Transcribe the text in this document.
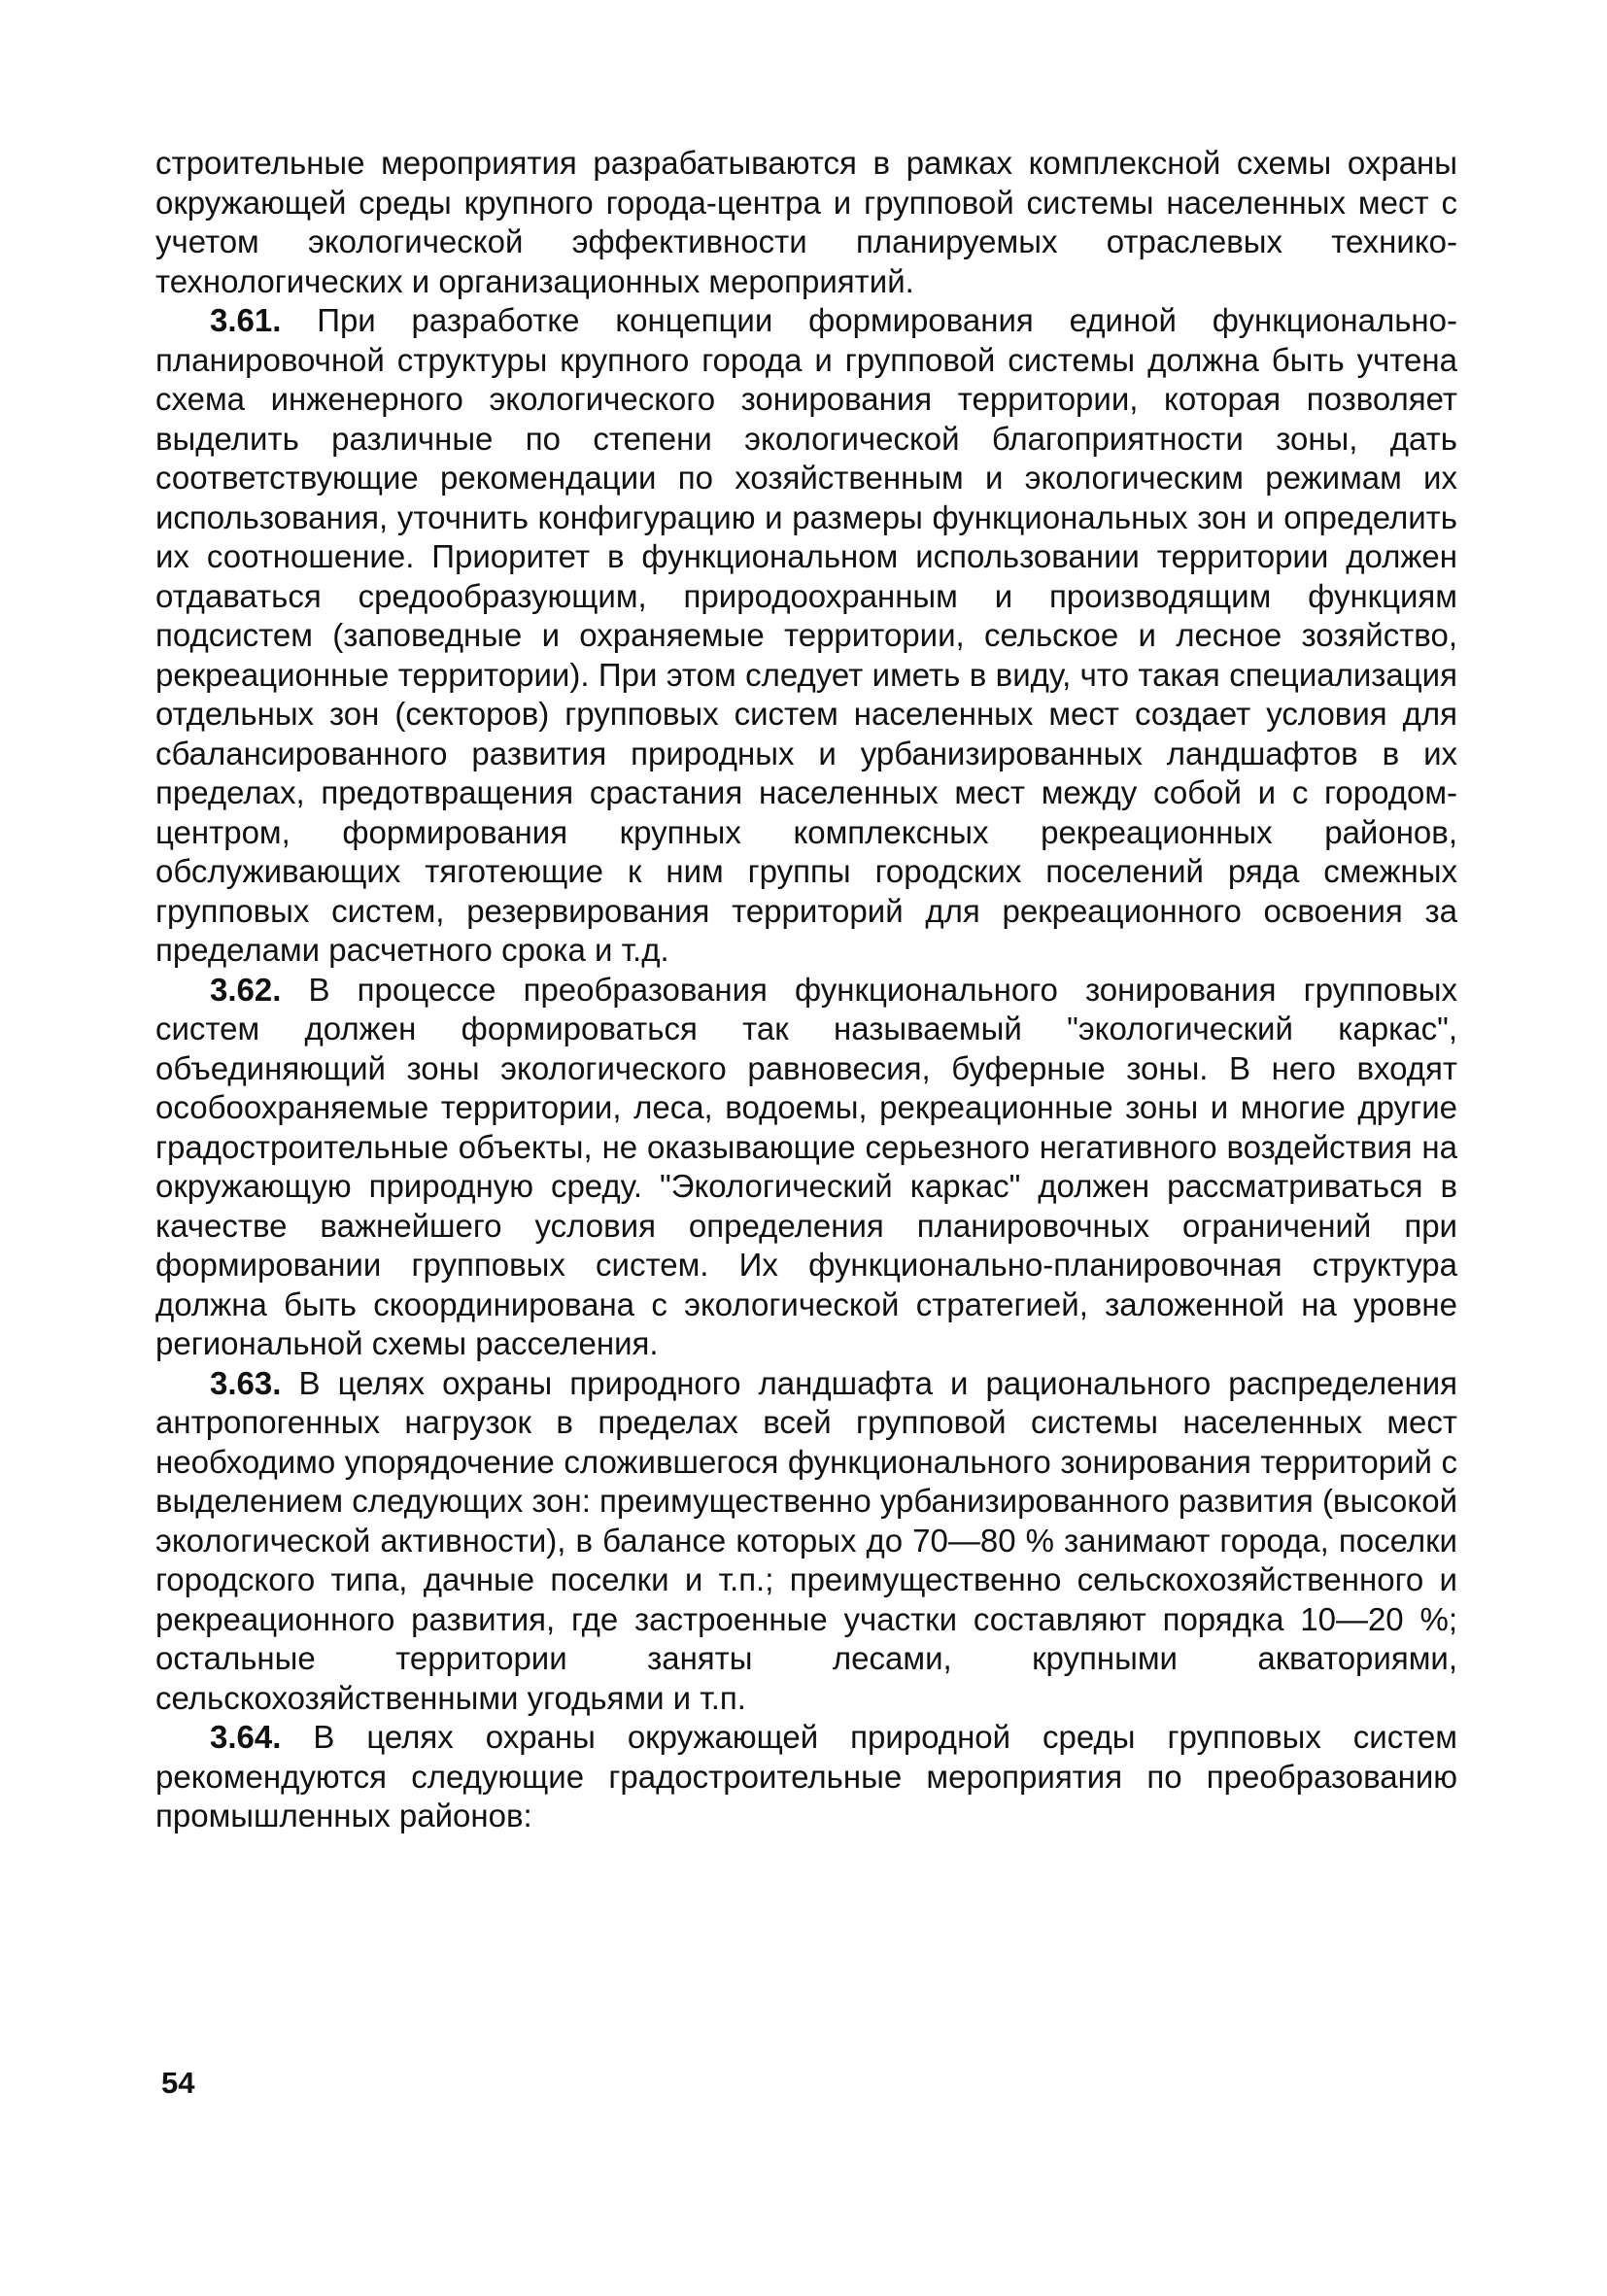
строительные мероприятия разрабатываются в рамках комплексной схемы охраны окружающей среды крупного города-центра и групповой системы населенных мест с учетом экологической эффективности планируемых отраслевых технико-технологических и организационных мероприятий.

3.61. При разработке концепции формирования единой функционально-планировочной структуры крупного города и групповой системы должна быть учтена схема инженерного экологического зонирования территории, которая позволяет выделить различные по степени экологической благоприятности зоны, дать соответствующие рекомендации по хозяйственным и экологическим режимам их использования, уточнить конфигурацию и размеры функциональных зон и определить их соотношение. Приоритет в функциональном использовании территории должен отдаваться средообразующим, природоохранным и производящим функциям подсистем (заповедные и охраняемые территории, сельское и лесное зозяйство, рекреационные территории). При этом следует иметь в виду, что такая специализация отдельных зон (секторов) групповых систем населенных мест создает условия для сбалансированного развития природных и урбанизированных ландшафтов в их пределах, предотвращения срастания населенных мест между собой и с городом-центром, формирования крупных комплексных рекреационных районов, обслуживающих тяготеющие к ним группы городских поселений ряда смежных групповых систем, резервирования территорий для рекреационного освоения за пределами расчетного срока и т.д.

3.62. В процессе преобразования функционального зонирования групповых систем должен формироваться так называемый "экологический каркас", объединяющий зоны экологического равновесия, буферные зоны. В него входят особоохраняемые территории, леса, водоемы, рекреационные зоны и многие другие градостроительные объекты, не оказывающие серьезного негативного воздействия на окружающую природную среду. "Экологический каркас" должен рассматриваться в качестве важнейшего условия определения планировочных ограничений при формировании групповых систем. Их функционально-планировочная структура должна быть скоординирована с экологической стратегией, заложенной на уровне региональной схемы расселения.

3.63. В целях охраны природного ландшафта и рационального распределения антропогенных нагрузок в пределах всей групповой системы населенных мест необходимо упорядочение сложившегося функционального зонирования территорий с выделением следующих зон: преимущественно урбанизированного развития (высокой экологической активности), в балансе которых до 70—80 % занимают города, поселки городского типа, дачные поселки и т.п.; преимущественно сельскохозяйственного и рекреационного развития, где застроенные участки составляют порядка 10—20 %; остальные территории заняты лесами, крупными акваториями, сельскохозяйственными угодьями и т.п.

3.64. В целях охраны окружающей природной среды групповых систем рекомендуются следующие градостроительные мероприятия по преобразованию промышленных районов:

54
